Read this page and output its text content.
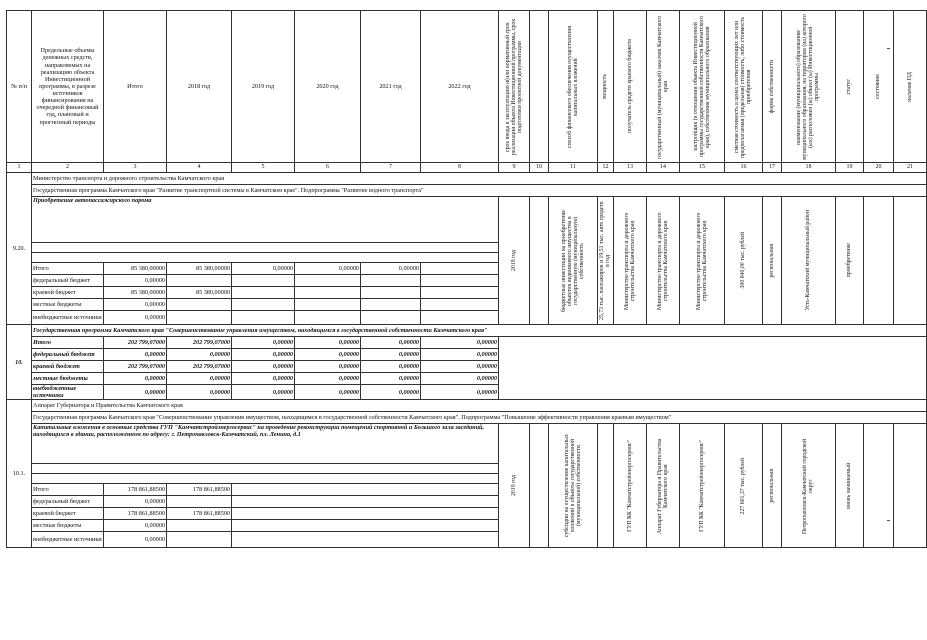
№ п/п	Предельные объемы денежных средств, направляемых на реализацию объекта Инвестиционной программы, в разрезе источников финансирования на очередной финансовый год, плановый и прогнозный периоды	Итого	2018 год	2019 год	2020 год	2021 год	2022 год	срок ввода в эксплуатацию и(или нормативный срок реализации объекта Инвестиционной программы, срок подготовки проектной документации		способ финансового обеспечения осуществления капитальных вложений	мощность	получатель средств краевого бюджета	государственный (муниципальный) заказчик Камчатского края	застройщик (в отношении объекта Инвестиционной программы государственной собственности Камчатского края), собственник муниципального образования	сметная стоимость в ценах соответствующих лет или предполагаемая (предельная) стоимость, либо стоимость приобретения	форма собственности	наименование (муниципального) образования/муниципального образования, на территории (на) которого (ых) расположен (ы) объект (ы) Инвестиционной программы	статус	состояние	наличие ПД

1	2	3	4	5	6	7	8	9	10	11	12	13	14	15	16	17	18	19	20	21
9.20.	Министерство транспорта и дорожного строительства Камчатского края																			
	Государственная программа Камчатского края "Развитие транспортной системы в Камчатском крае". Подпрограмма "Развитие водного транспорта"																			
	Приобретение автопассажирского парома							2019 год		бюджетные инвестиции на приобретение объектов недвижимого имущества в государственную (муниципальную) собственность	25,73 тыс. пассажиров и 19,51 тыс. авто средств в год	Министерство транспорта и дорожного строительства Камчатского края	Министерство транспорта и дорожного строительства Камчатского края	Министерство транспорта и дорожного строительства Камчатского края	300 840,00 тыс. рублей	региональная	Усть-Камчатский муниципальный район	приобретение		

	Итого	85 380,00000	85 380,00000	0,00000	0,00000	0,00000														
	федеральный бюджет	0,00000																		
	краевой бюджет	85 380,00000	85 380,00000																	
	местные бюджеты	0,00000																		
	внебюджетные источники	0,00000																		
10.	Государственная программа Камчатского края "Совершенствование управления имуществом, находящимся в государственной собственности Камчатского края"																			
	Итого	202 799,07000	202 799,07000	0,00000	0,00000	0,00000	0,00000													
	федеральный бюджет	0,00000	0,00000	0,00000	0,00000	0,00000	0,00000													
	краевой бюджет	202 799,07000	202 799,07000	0,00000	0,00000	0,00000	0,00000													
	местные бюджеты	0,00000	0,00000	0,00000	0,00000	0,00000	0,00000													
	внебюджетные источники	0,00000	0,00000	0,00000	0,00000	0,00000	0,00000													
10.1.	Аппарат Губернатора и Правительства Камчатского края																			
	Государственная программа Камчатского края "Совершенствование управления имуществом, находящимся в государственной собственности Камчатского края". Подпрограмма "Повышение эффективности управления краевым имуществом"																			
	Капитальные вложения в основные средства ГУП "Камчатстройэнергосервис" на проведение реконструкции помещений спортивной и Большого зала заседаний, находящихся в здании, расположенном по адресу: г. Петропавловск-Камчатский, пл. Ленина, д.1							2019 год		субсидии на осуществление капитальных вложений в объекты государственной (муниципальной) собственности		ГУП КК "Камчатстройэнергосервис"	Аппарат Губернатора и Правительства Камчатского края	ГУП КК "Камчатстройэнергосервис"	227 601,37 тыс. рублей	региональная	Петропавловск-Камчатский городской округ	вновь начинаемый		

	Итого	178 861,88500	178 861,88500																	
	федеральный бюджет	0,00000																		
	краевой бюджет	178 861,88500	178 861,88500																	
	местные бюджеты	0,00000																		
	внебюджетные источники	0,00000																		
